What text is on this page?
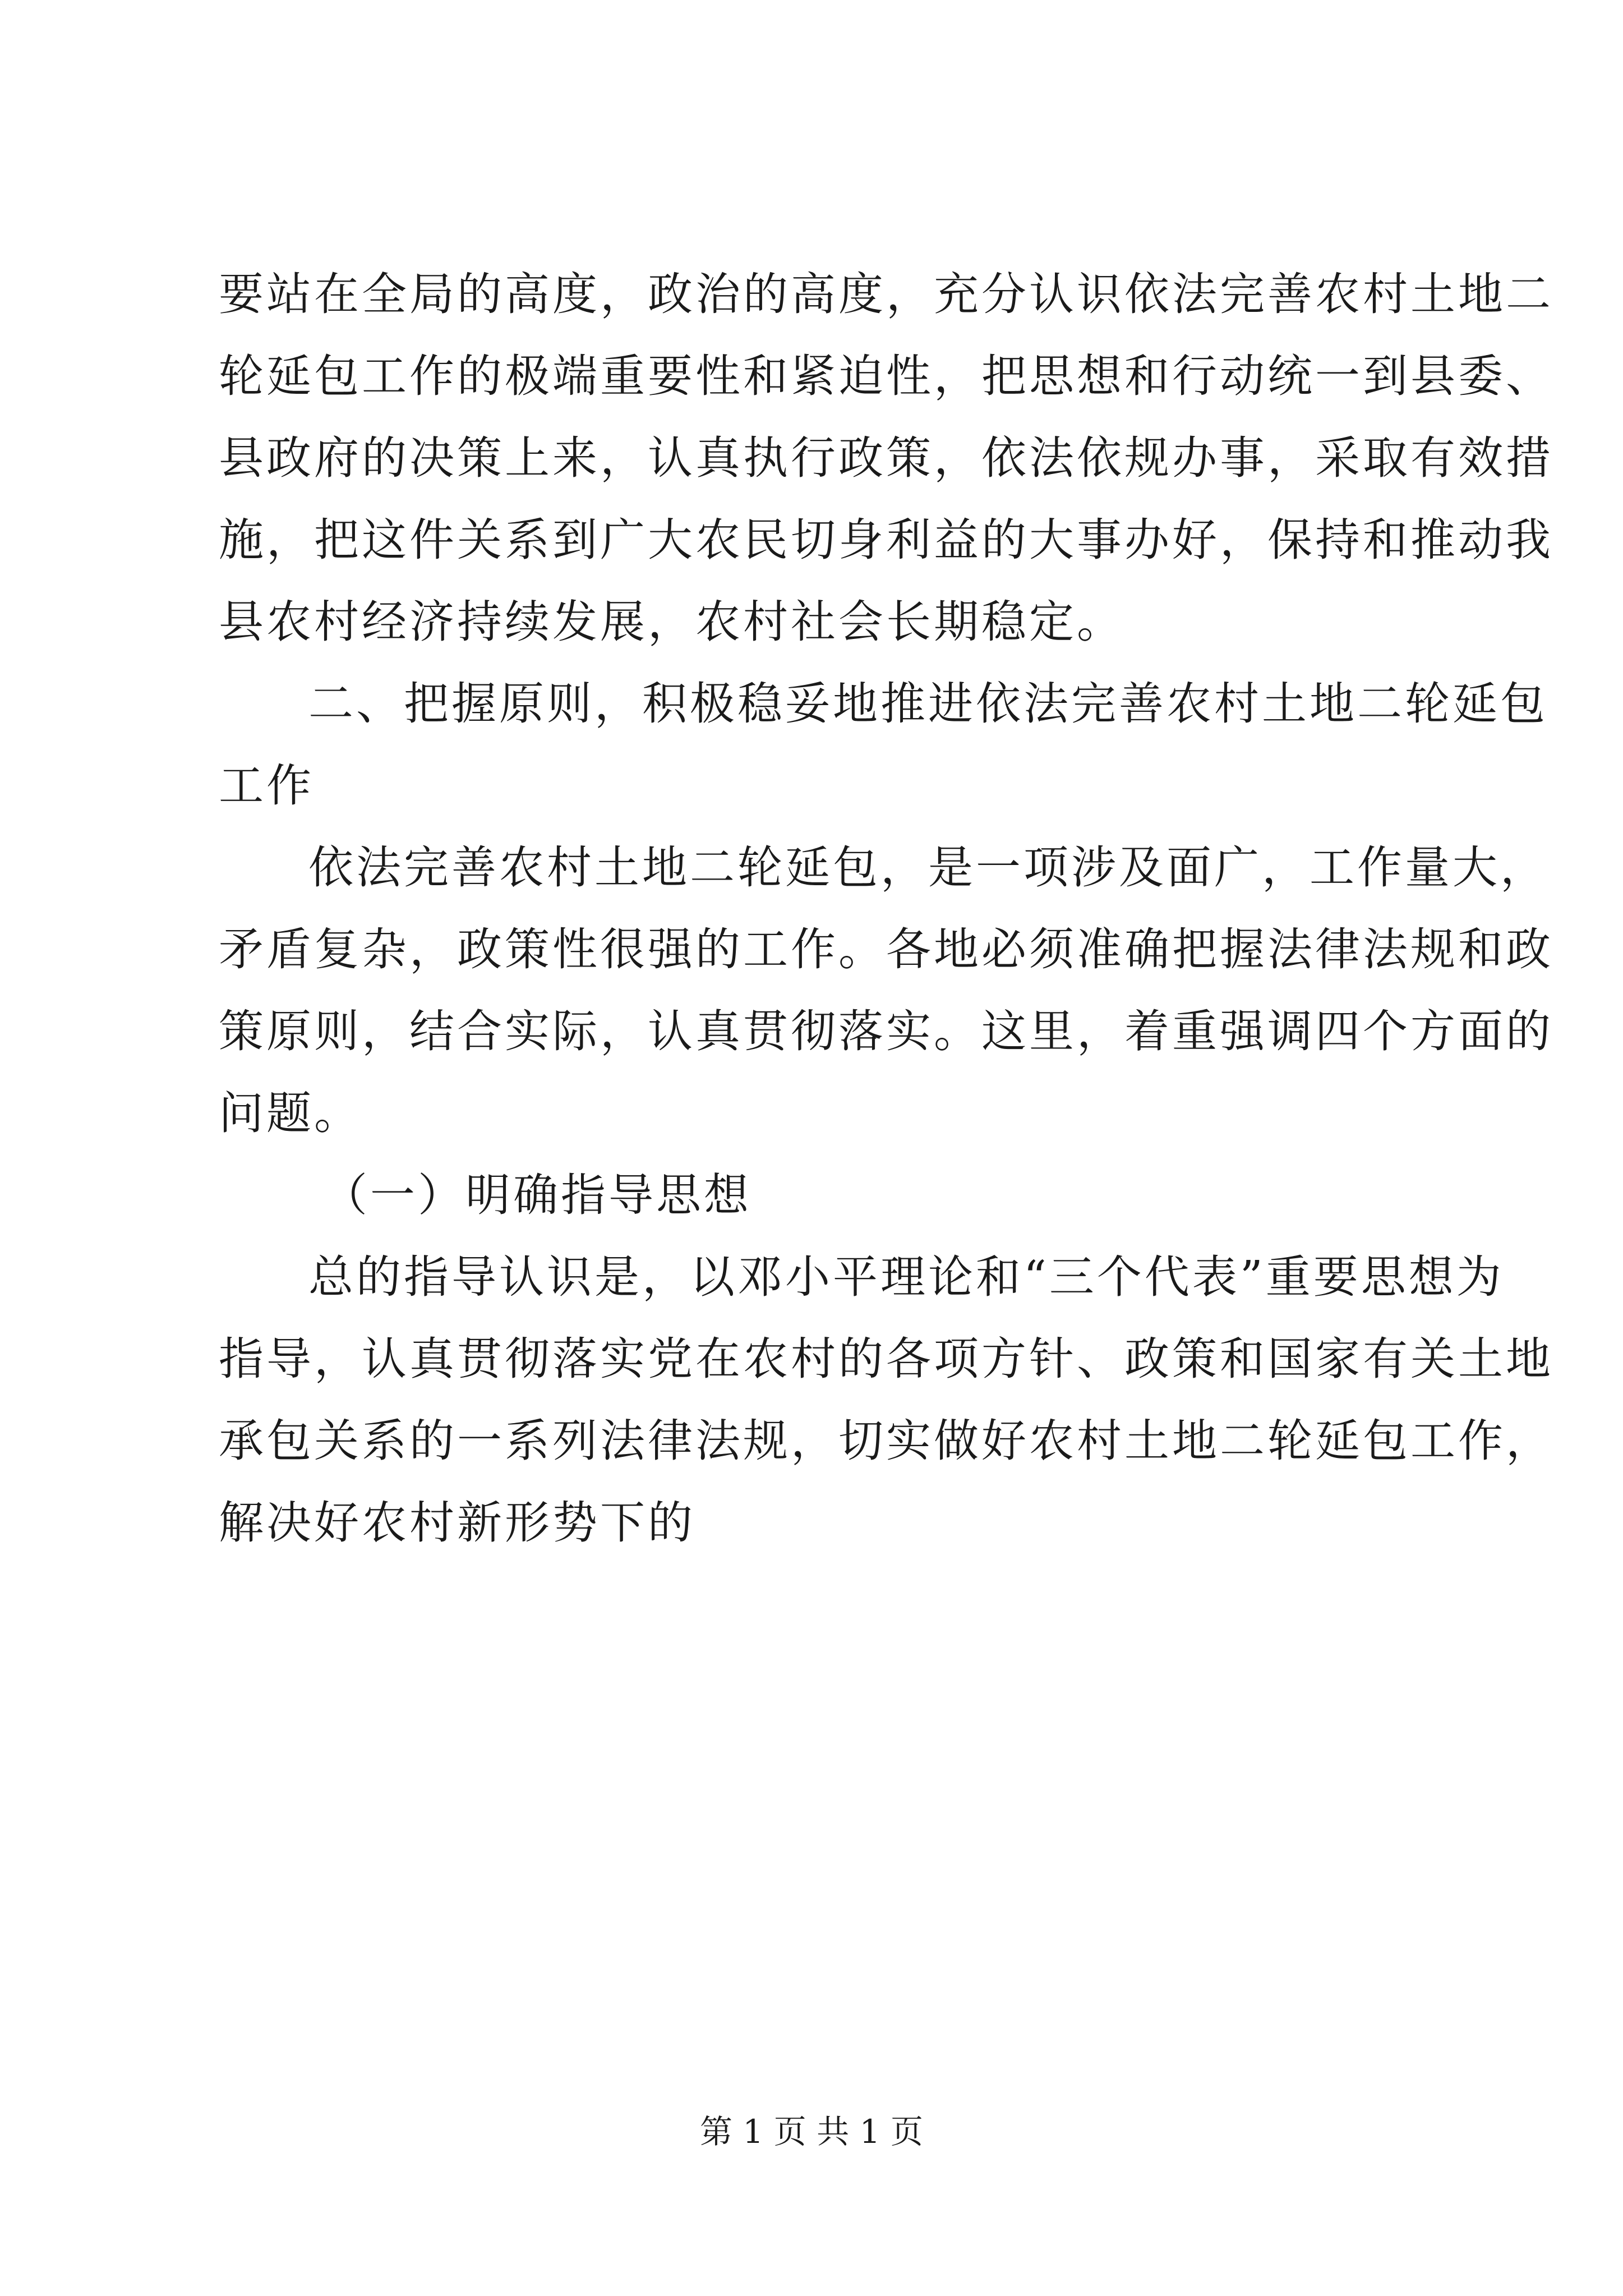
要站在全局的高度，政治的高度，充分认识依法完善农村土地二
轮延包工作的极端重要性和紧迫性，把思想和行动统一到县委、
县政府的决策上来，认真执行政策，依法依规办事，采取有效措
施，把这件关系到广大农民切身利益的大事办好，保持和推动我
县农村经济持续发展，农村社会长期稳定。
二、把握原则，积极稳妥地推进依法完善农村土地二轮延包
工作
依法完善农村土地二轮延包，是一项涉及面广，工作量大，
矛盾复杂，政策性很强的工作。各地必须准确把握法律法规和政
策原则，结合实际，认真贯彻落实。这里，着重强调四个方面的
问题。
（一）明确指导思想
总的指导认识是，以邓小平理论和“三个代表”重要思想为
指导，认真贯彻落实党在农村的各项方针、政策和国家有关土地
承包关系的一系列法律法规，切实做好农村土地二轮延包工作，
解决好农村新形势下的
第 1 页 共 1 页
